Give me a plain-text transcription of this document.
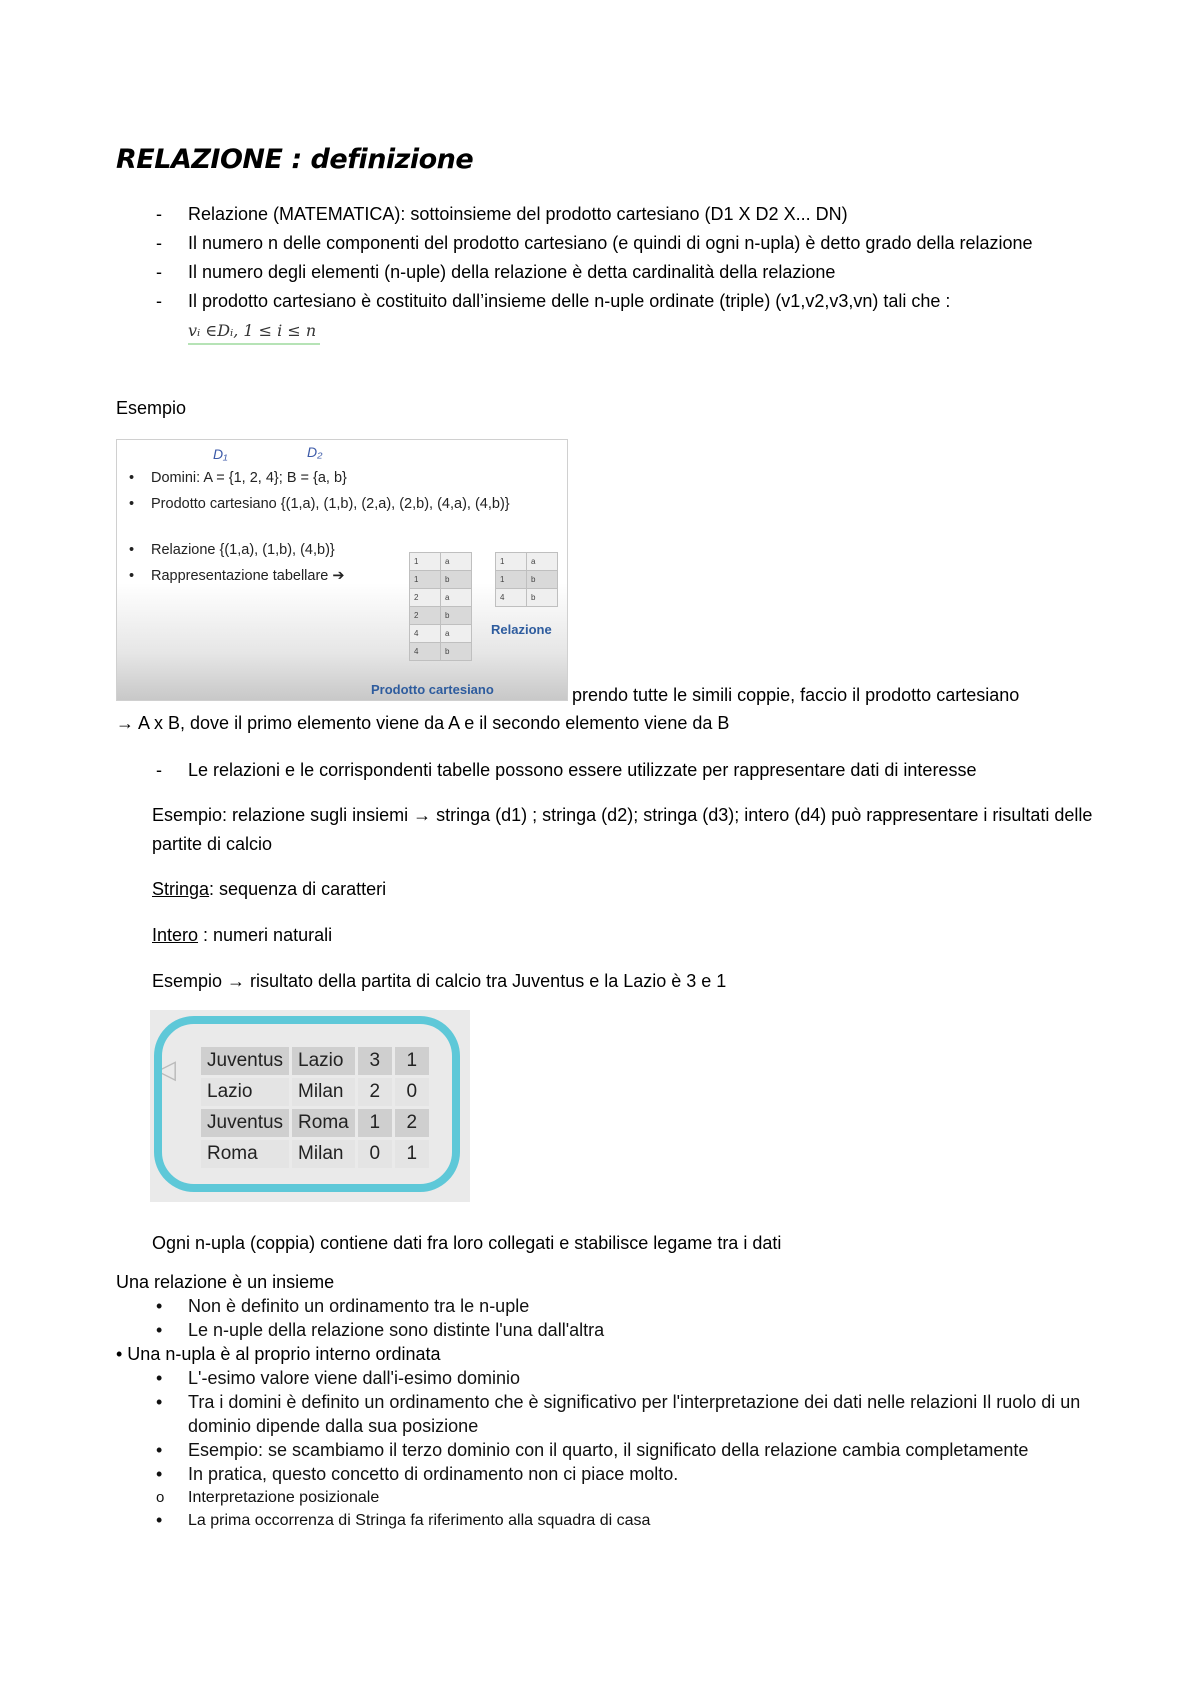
RELAZIONE : definizione
- Relazione (MATEMATICA): sottoinsieme del prodotto cartesiano (D1 X D2 X... DN)
- Il numero n delle componenti del prodotto cartesiano (e quindi di ogni n-upla) è detto grado della relazione
- Il numero degli elementi (n-uple) della relazione è detta cardinalità della relazione
- Il prodotto cartesiano è costituito dall’insieme delle n-uple ordinate (triple) (v1,v2,v3,vn) tali che :
vᵢ ∈Dᵢ, 1 ≤ i ≤ n
Esempio
D₁	D₂
• Domini: A = {1, 2, 4}; B = {a, b}
• Prodotto cartesiano {(1,a), (1,b), (2,a), (2,b), (4,a), (4,b)}
• Relazione {(1,a), (1,b), (4,b)}
• Rappresentazione tabellare ➔
1	a
1	b
2	a
2	b
4	a
4	b
1	a
1	b
4	b
Relazione
Prodotto cartesiano	prendo tutte le simili coppie, faccio il prodotto cartesiano
→ A x B, dove il primo elemento viene da A e il secondo elemento viene da B
- Le relazioni e le corrispondenti tabelle possono essere utilizzate per rappresentare dati di interesse
Esempio: relazione sugli insiemi → stringa (d1) ; stringa (d2); stringa (d3); intero (d4) può rappresentare i risultati delle partite di calcio
Stringa: sequenza di caratteri
Intero : numeri naturali
Esempio → risultato della partita di calcio tra Juventus e la Lazio è 3 e 1
◁ Juventus	Lazio	3	1
Lazio	Milan	2	0
Juventus	Roma	1	2
Roma	Milan	0	1
Ogni n-upla (coppia) contiene dati fra loro collegati e stabilisce legame tra i dati
Una relazione è un insieme
• Non è definito un ordinamento tra le n-uple
• Le n-uple della relazione sono distinte l'una dall'altra
• Una n-upla è al proprio interno ordinata
• L'-esimo valore viene dall'i-esimo dominio
• Tra i domini è definito un ordinamento che è significativo per l'interpretazione dei dati nelle relazioni Il ruolo di un dominio dipende dalla sua posizione
• Esempio: se scambiamo il terzo dominio con il quarto, il significato della relazione cambia completamente
• In pratica, questo concetto di ordinamento non ci piace molto.
o Interpretazione posizionale
• La prima occorrenza di Stringa fa riferimento alla squadra di casa
